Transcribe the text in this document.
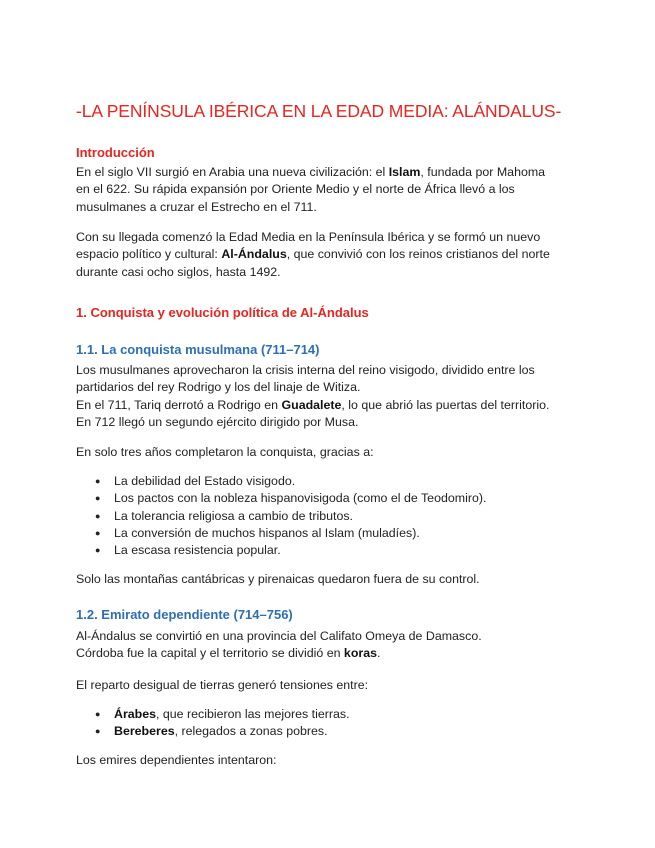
-LA PENÍNSULA IBÉRICA EN LA EDAD MEDIA: ALÁNDALUS-
Introducción
En el siglo VII surgió en Arabia una nueva civilización: el Islam, fundada por Mahoma
en el 622. Su rápida expansión por Oriente Medio y el norte de África llevó a los
musulmanes a cruzar el Estrecho en el 711.
Con su llegada comenzó la Edad Media en la Península Ibérica y se formó un nuevo
espacio político y cultural: Al-Ándalus, que convivió con los reinos cristianos del norte
durante casi ocho siglos, hasta 1492.
1. Conquista y evolución política de Al-Ándalus
1.1. La conquista musulmana (711–714)
Los musulmanes aprovecharon la crisis interna del reino visigodo, dividido entre los
partidarios del rey Rodrigo y los del linaje de Witiza.
En el 711, Tariq derrotó a Rodrigo en Guadalete, lo que abrió las puertas del territorio.
En 712 llegó un segundo ejército dirigido por Musa.
En solo tres años completaron la conquista, gracias a:
● La debilidad del Estado visigodo.
● Los pactos con la nobleza hispanovisigoda (como el de Teodomiro).
● La tolerancia religiosa a cambio de tributos.
● La conversión de muchos hispanos al Islam (muladíes).
● La escasa resistencia popular.
Solo las montañas cantábricas y pirenaicas quedaron fuera de su control.
1.2. Emirato dependiente (714–756)
Al-Ándalus se convirtió en una provincia del Califato Omeya de Damasco.
Córdoba fue la capital y el territorio se dividió en koras.
El reparto desigual de tierras generó tensiones entre:
● Árabes, que recibieron las mejores tierras.
● Bereberes, relegados a zonas pobres.
Los emires dependientes intentaron:
